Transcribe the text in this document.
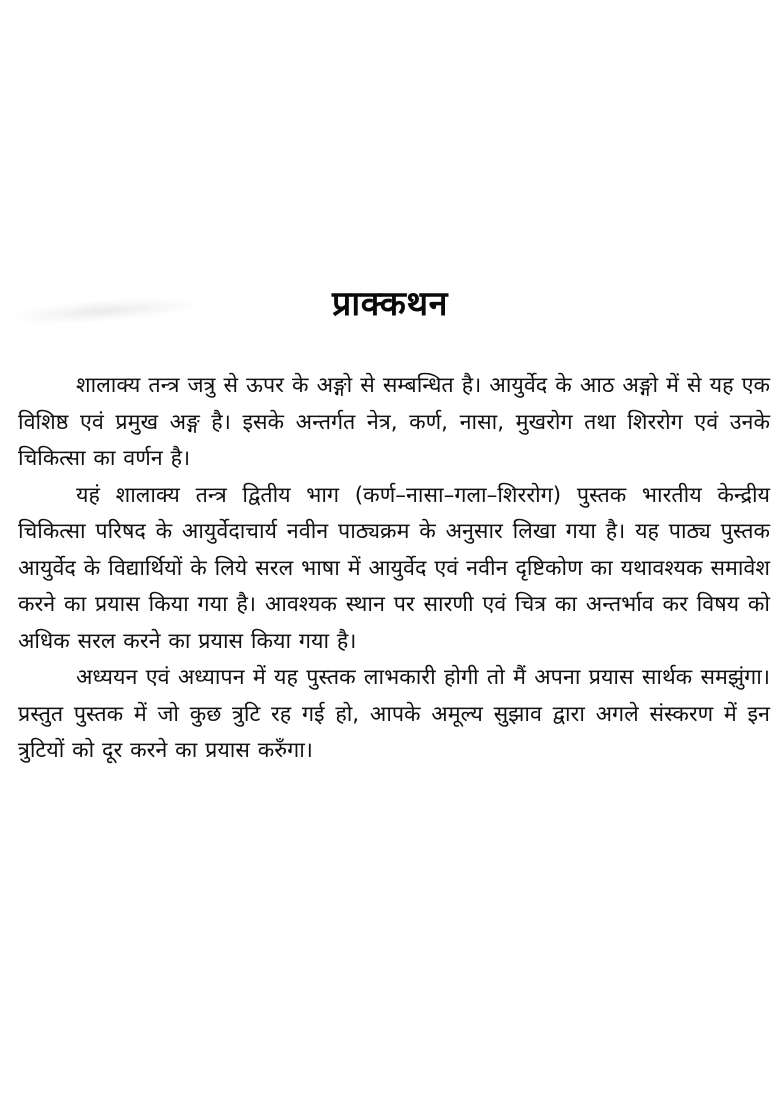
प्राक्कथन

शालाक्य तन्त्र जत्रु से ऊपर के अङ्गो से सम्बन्धित है। आयुर्वेद के आठ अङ्गो में से यह एक विशिष्ठ एवं प्रमुख अङ्ग है। इसके अन्तर्गत नेत्र, कर्ण, नासा, मुखरोग तथा शिररोग एवं उनके चिकित्सा का वर्णन है।

यहं शालाक्य तन्त्र द्वितीय भाग (कर्ण–नासा–गला–शिररोग) पुस्तक भारतीय केन्द्रीय चिकित्सा परिषद के आयुर्वेदाचार्य नवीन पाठ्यक्रम के अनुसार लिखा गया है। यह पाठ्य पुस्तक आयुर्वेद के विद्यार्थियों के लिये सरल भाषा में आयुर्वेद एवं नवीन दृष्टिकोण का यथावश्यक समावेश करने का प्रयास किया गया है। आवश्यक स्थान पर सारणी एवं चित्र का अन्तर्भाव कर विषय को अधिक सरल करने का प्रयास किया गया है।

अध्ययन एवं अध्यापन में यह पुस्तक लाभकारी होगी तो मैं अपना प्रयास सार्थक समझुंगा। प्रस्तुत पुस्तक में जो कुछ त्रुटि रह गई हो, आपके अमूल्य सुझाव द्वारा अगले संस्करण में इन त्रुटियों को दूर करने का प्रयास करुँगा।
